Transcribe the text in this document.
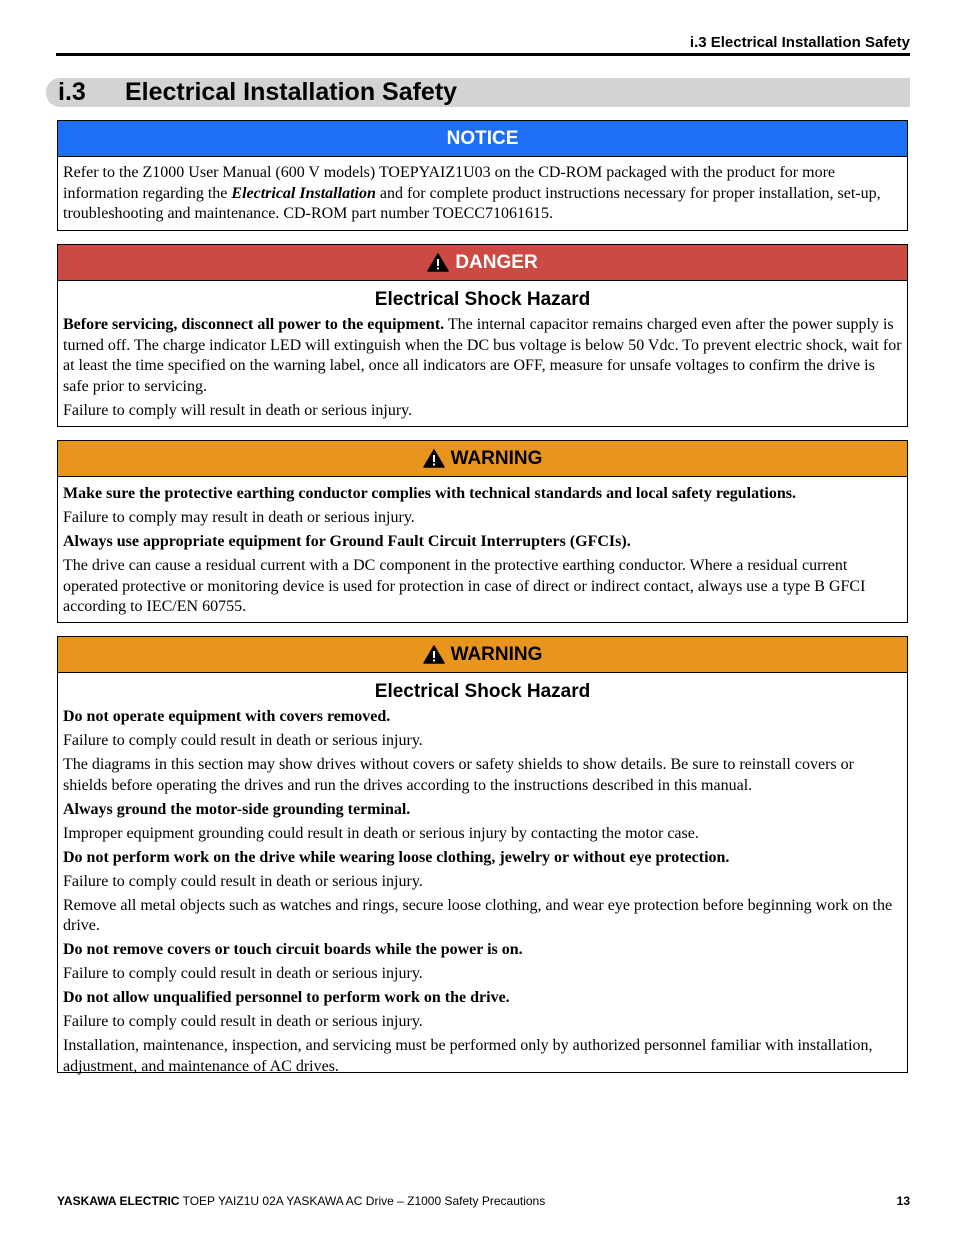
i.3 Electrical Installation Safety
i.3 Electrical Installation Safety
NOTICE

Refer to the Z1000 User Manual (600 V models) TOEPYAIZ1U03 on the CD-ROM packaged with the product for more information regarding the Electrical Installation and for complete product instructions necessary for proper installation, set-up, troubleshooting and maintenance. CD-ROM part number TOECC71061615.

DANGER

Electrical Shock Hazard

Before servicing, disconnect all power to the equipment. The internal capacitor remains charged even after the power supply is turned off. The charge indicator LED will extinguish when the DC bus voltage is below 50 Vdc. To prevent electric shock, wait for at least the time specified on the warning label, once all indicators are OFF, measure for unsafe voltages to confirm the drive is safe prior to servicing.

Failure to comply will result in death or serious injury.

WARNING

Make sure the protective earthing conductor complies with technical standards and local safety regulations.

Failure to comply may result in death or serious injury.

Always use appropriate equipment for Ground Fault Circuit Interrupters (GFCIs).

The drive can cause a residual current with a DC component in the protective earthing conductor. Where a residual current operated protective or monitoring device is used for protection in case of direct or indirect contact, always use a type B GFCI according to IEC/EN 60755.

WARNING

Electrical Shock Hazard

Do not operate equipment with covers removed.

Failure to comply could result in death or serious injury.

The diagrams in this section may show drives without covers or safety shields to show details. Be sure to reinstall covers or shields before operating the drives and run the drives according to the instructions described in this manual.

Always ground the motor-side grounding terminal.

Improper equipment grounding could result in death or serious injury by contacting the motor case.

Do not perform work on the drive while wearing loose clothing, jewelry or without eye protection.

Failure to comply could result in death or serious injury.

Remove all metal objects such as watches and rings, secure loose clothing, and wear eye protection before beginning work on the drive.

Do not remove covers or touch circuit boards while the power is on.

Failure to comply could result in death or serious injury.

Do not allow unqualified personnel to perform work on the drive.

Failure to comply could result in death or serious injury.

Installation, maintenance, inspection, and servicing must be performed only by authorized personnel familiar with installation, adjustment, and maintenance of AC drives.

YASKAWA ELECTRIC TOEP YAIZ1U 02A YASKAWA AC Drive – Z1000 Safety Precautions	13
